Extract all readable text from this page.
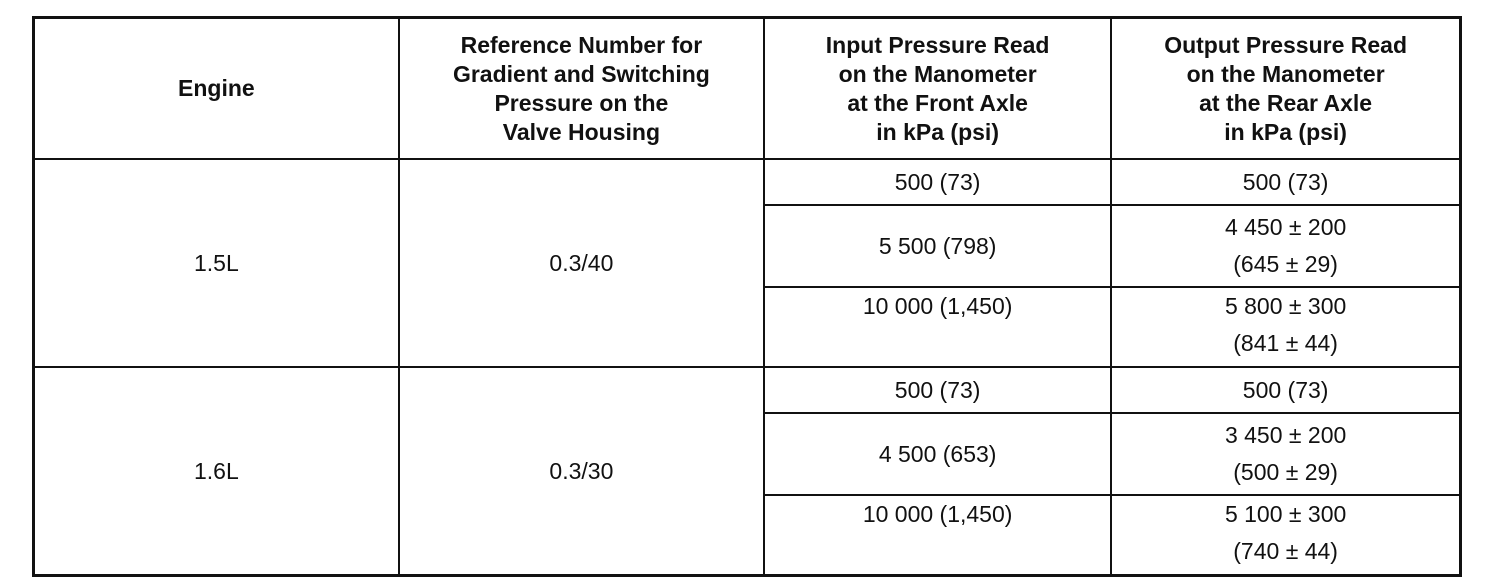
Engine	Reference Number for
Gradient and Switching
Pressure on the
Valve Housing	Input Pressure Read
on the Manometer
at the Front Axle
in kPa (psi)	Output Pressure Read
on the Manometer
at the Rear Axle
in kPa (psi)

1.5L	0.3/40	500 (73)	500 (73)

		5 500 (798)	4 450 ± 200
(645 ± 29)

		10 000 (1,450)	5 800 ± 300
(841 ± 44)

1.6L	0.3/30	500 (73)	500 (73)

		4 500 (653)	3 450 ± 200
(500 ± 29)

		10 000 (1,450)	5 100 ± 300
(740 ± 44)
